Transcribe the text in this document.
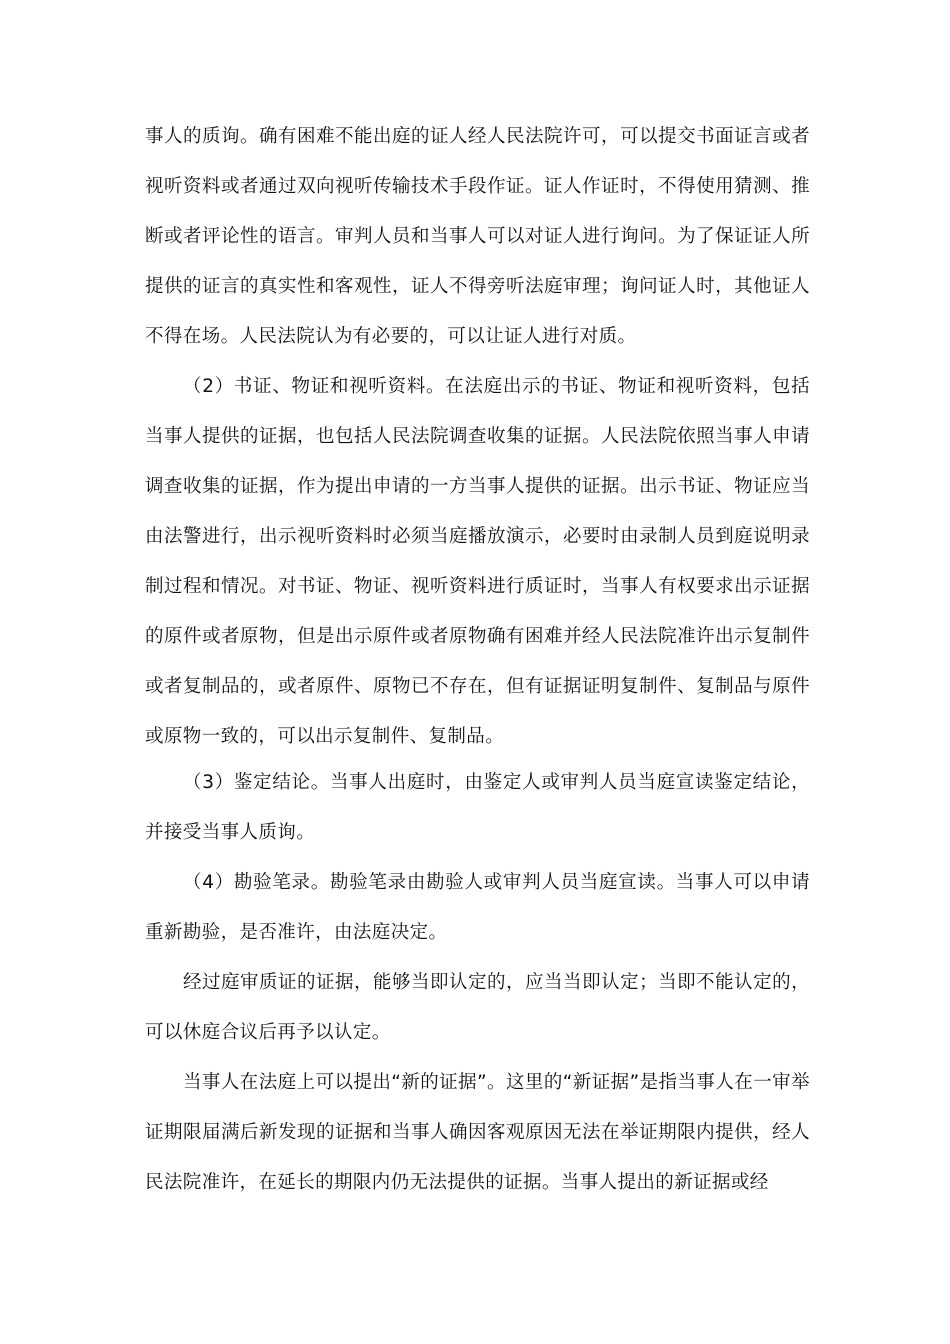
事人的质询。确有困难不能出庭的证人经人民法院许可，可以提交书面证言或者视听资料或者通过双向视听传输技术手段作证。证人作证时，不得使用猜测、推断或者评论性的语言。审判人员和当事人可以对证人进行询问。为了保证证人所提供的证言的真实性和客观性，证人不得旁听法庭审理；询问证人时，其他证人不得在场。人民法院认为有必要的，可以让证人进行对质。

（2）书证、物证和视听资料。在法庭出示的书证、物证和视听资料，包括当事人提供的证据，也包括人民法院调查收集的证据。人民法院依照当事人申请调查收集的证据，作为提出申请的一方当事人提供的证据。出示书证、物证应当由法警进行，出示视听资料时必须当庭播放演示，必要时由录制人员到庭说明录制过程和情况。对书证、物证、视听资料进行质证时，当事人有权要求出示证据的原件或者原物，但是出示原件或者原物确有困难并经人民法院准许出示复制件或者复制品的，或者原件、原物已不存在，但有证据证明复制件、复制品与原件或原物一致的，可以出示复制件、复制品。

（3）鉴定结论。当事人出庭时，由鉴定人或审判人员当庭宣读鉴定结论，并接受当事人质询。

（4）勘验笔录。勘验笔录由勘验人或审判人员当庭宣读。当事人可以申请重新勘验，是否准许，由法庭决定。

经过庭审质证的证据，能够当即认定的，应当当即认定；当即不能认定的，可以休庭合议后再予以认定。

当事人在法庭上可以提出“新的证据”。这里的“新证据”是指当事人在一审举证期限届满后新发现的证据和当事人确因客观原因无法在举证期限内提供，经人民法院准许，在延长的期限内仍无法提供的证据。当事人提出的新证据或经
